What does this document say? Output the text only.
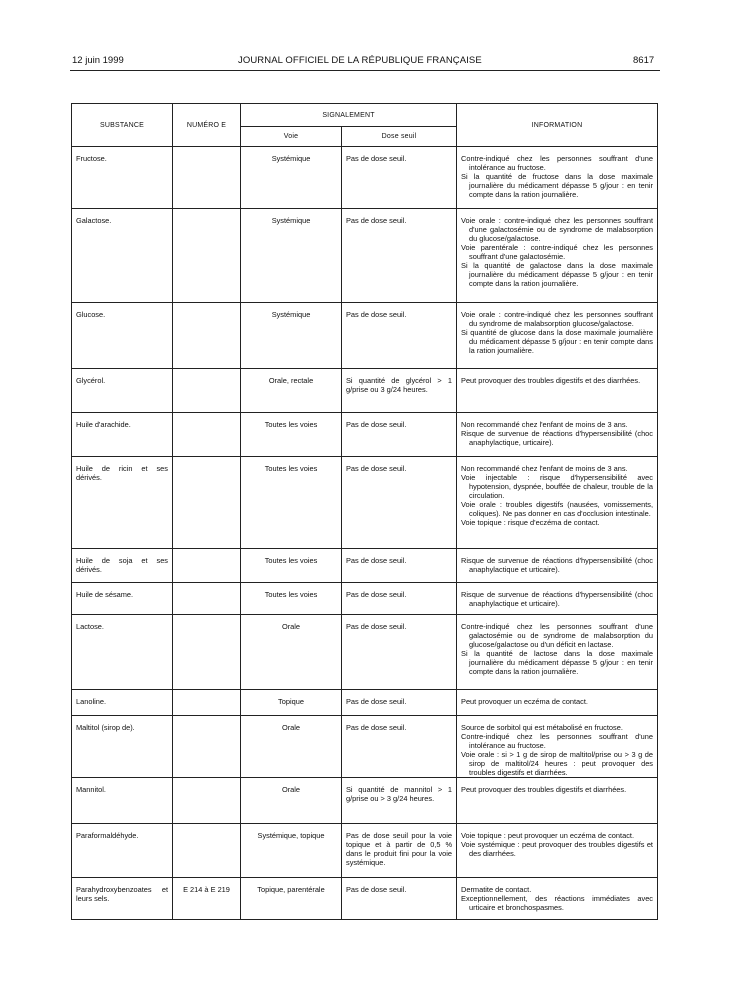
12 juin 1999	JOURNAL OFFICIEL DE LA RÉPUBLIQUE FRANÇAISE	8617
SUBSTANCE	NUMÉRO E	SIGNALEMENT		INFORMATION
		Voie	Dose seuil	
Fructose.		Systémique	Pas de dose seuil.	Contre-indiqué chez les personnes souffrant d'une intolérance au fructose.
Si la quantité de fructose dans la dose maximale journalière du médicament dépasse 5 g/jour : en tenir compte dans la ration journalière.

Galactose.		Systémique	Pas de dose seuil.	Voie orale : contre-indiqué chez les personnes souffrant d'une galactosémie ou de syndrome de malabsorption du glucose/galactose.
Voie parentérale : contre-indiqué chez les personnes souffrant d'une galactosémie.
Si la quantité de galactose dans la dose maximale journalière du médicament dépasse 5 g/jour : en tenir compte dans la ration journalière.

Glucose.		Systémique	Pas de dose seuil.	Voie orale : contre-indiqué chez les personnes souffrant du syndrome de malabsorption glucose/galactose.
Si quantité de glucose dans la dose maximale journalière du médicament dépasse 5 g/jour : en tenir compte dans la ration journalière.

Glycérol.		Orale, rectale	Si quantité de glycérol > 1 g/prise ou 3 g/24 heures.	Peut provoquer des troubles digestifs et des diarrhées.

Huile d'arachide.		Toutes les voies	Pas de dose seuil.	Non recommandé chez l'enfant de moins de 3 ans.
Risque de survenue de réactions d'hypersensibilité (choc anaphylactique, urticaire).

Huile de ricin et ses dérivés.		Toutes les voies	Pas de dose seuil.	Non recommandé chez l'enfant de moins de 3 ans.
Voie injectable : risque d'hypersensibilité avec hypotension, dyspnée, bouffée de chaleur, trouble de la circulation.
Voie orale : troubles digestifs (nausées, vomissements, coliques). Ne pas donner en cas d'occlusion intestinale.
Voie topique : risque d'eczéma de contact.

Huile de soja et ses dérivés.		Toutes les voies	Pas de dose seuil.	Risque de survenue de réactions d'hypersensibilité (choc anaphylactique et urticaire).

Huile de sésame.		Toutes les voies	Pas de dose seuil.	Risque de survenue de réactions d'hypersensibilité (choc anaphylactique et urticaire).

Lactose.		Orale	Pas de dose seuil.	Contre-indiqué chez les personnes souffrant d'une galactosémie ou de syndrome de malabsorption du glucose/galactose ou d'un déficit en lactase.
Si la quantité de lactose dans la dose maximale journalière du médicament dépasse 5 g/jour : en tenir compte dans la ration journalière.

Lanoline.		Topique	Pas de dose seuil.	Peut provoquer un eczéma de contact.

Maltitol (sirop de).		Orale	Pas de dose seuil.	Source de sorbitol qui est métabolisé en fructose.
Contre-indiqué chez les personnes souffrant d'une intolérance au fructose.
Voie orale : si > 1 g de sirop de maltitol/prise ou > 3 g de sirop de maltitol/24 heures : peut provoquer des troubles digestifs et diarrhées.

Mannitol.		Orale	Si quantité de mannitol > 1 g/prise ou > 3 g/24 heures.	Peut provoquer des troubles digestifs et diarrhées.

Paraformaldéhyde.		Systémique, topique	Pas de dose seuil pour la voie topique et à partir de 0,5 % dans le produit fini pour la voie systémique.	Voie topique : peut provoquer un eczéma de contact.
Voie systémique : peut provoquer des troubles digestifs et des diarrhées.

Parahydroxybenzoates et leurs sels.	E 214 à E 219	Topique, parentérale	Pas de dose seuil.	Dermatite de contact.
Exceptionnellement, des réactions immédiates avec urticaire et bronchospasmes.
